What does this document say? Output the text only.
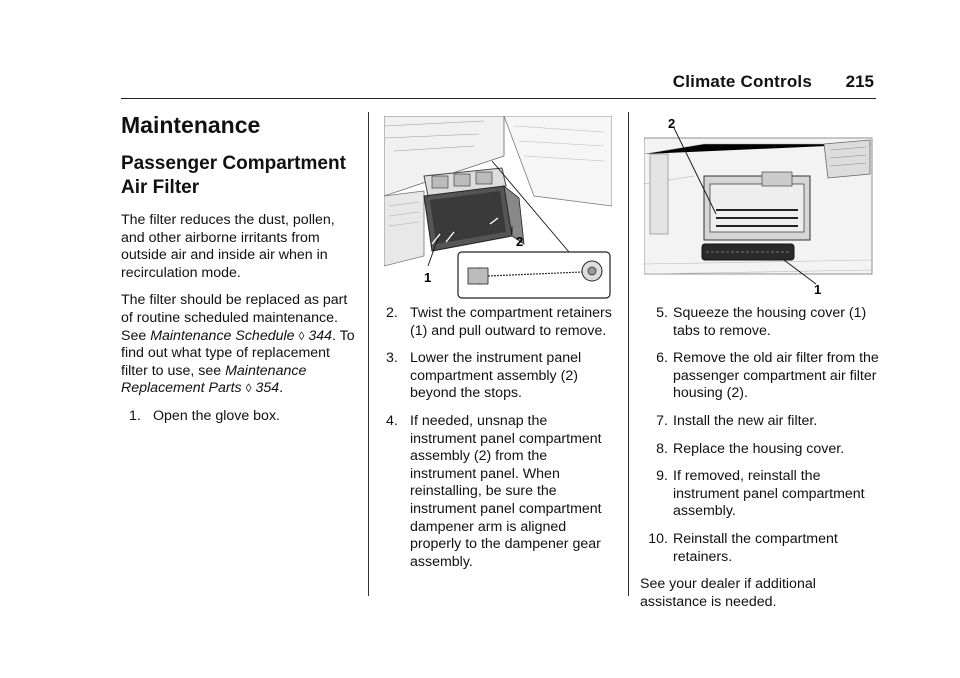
Climate Controls 215
Maintenance
Passenger Compartment
Air Filter

The filter reduces the dust, pollen, and other airborne irritants from outside air and inside air when in recirculation mode.

The filter should be replaced as part of routine scheduled maintenance. See Maintenance Schedule ◊ 344. To find out what type of replacement filter to use, see Maintenance Replacement Parts ◊ 354.

1. Open the glove box.
1
2
2. Twist the compartment retainers (1) and pull outward to remove.
3. Lower the instrument panel compartment assembly (2) beyond the stops.
4. If needed, unsnap the instrument panel compartment assembly (2) from the instrument panel. When reinstalling, be sure the instrument panel compartment dampener arm is aligned properly to the dampener gear assembly.
2
1
5. Squeeze the housing cover (1) tabs to remove.
6. Remove the old air filter from the passenger compartment air filter housing (2).
7. Install the new air filter.
8. Replace the housing cover.
9. If removed, reinstall the instrument panel compartment assembly.
10. Reinstall the compartment retainers.

See your dealer if additional assistance is needed.
